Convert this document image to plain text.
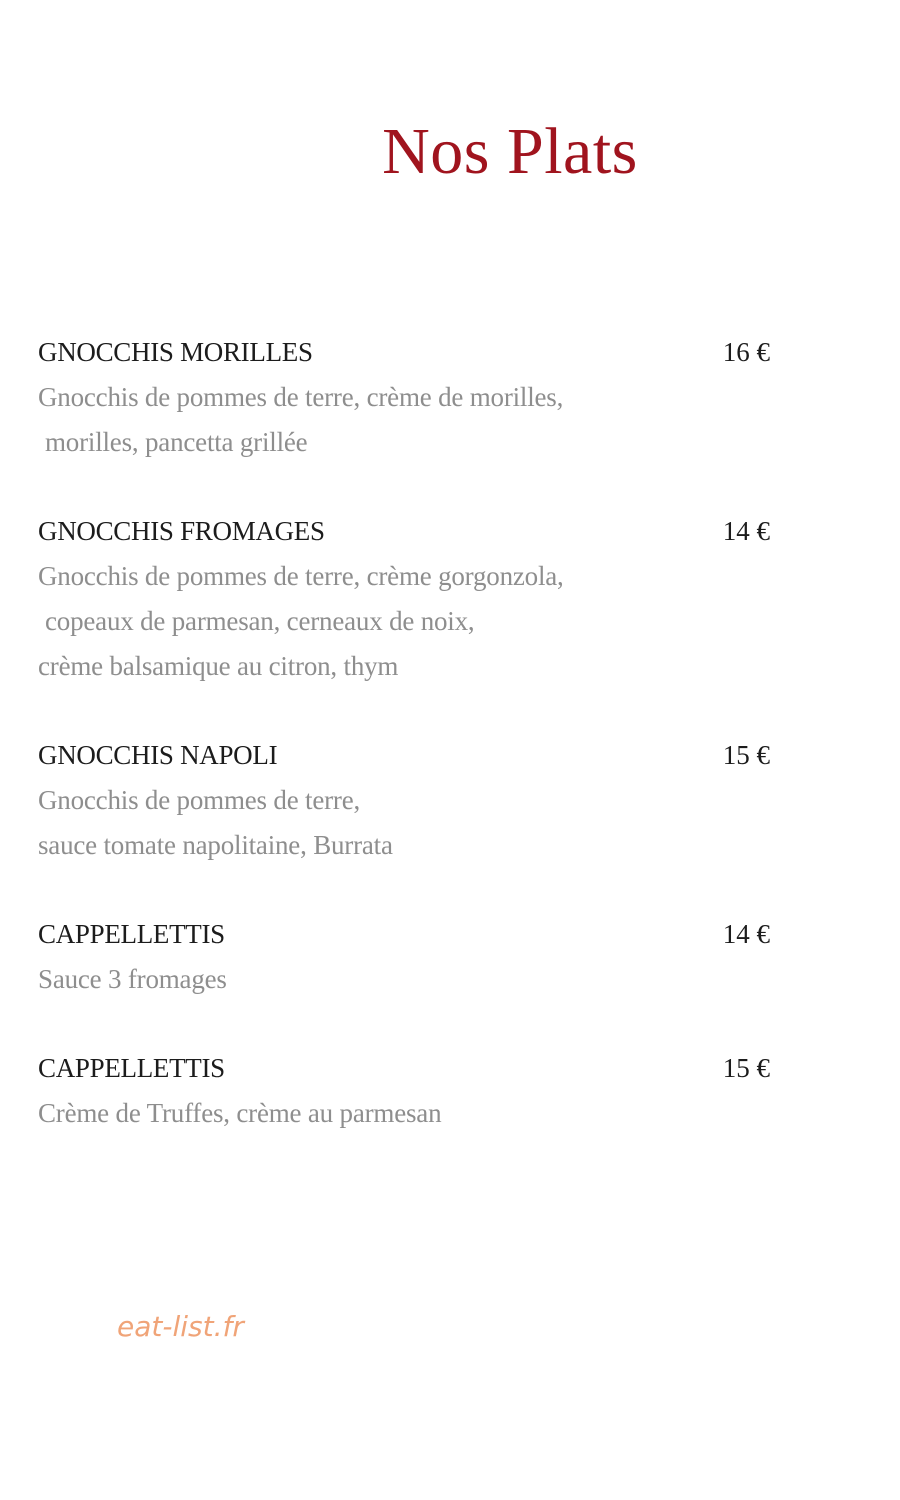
Nos Plats
GNOCCHIS MORILLES	16 €
Gnocchis de pommes de terre, crème de morilles,
morilles, pancetta grillée
GNOCCHIS FROMAGES	14 €
Gnocchis de pommes de terre, crème gorgonzola,
copeaux de parmesan, cerneaux de noix,
crème balsamique au citron, thym
GNOCCHIS NAPOLI	15 €
Gnocchis de pommes de terre,
sauce tomate napolitaine, Burrata
CAPPELLETTIS	14 €
Sauce 3 fromages
CAPPELLETTIS	15 €
Crème de Truffes, crème au parmesan
eat-list.fr
